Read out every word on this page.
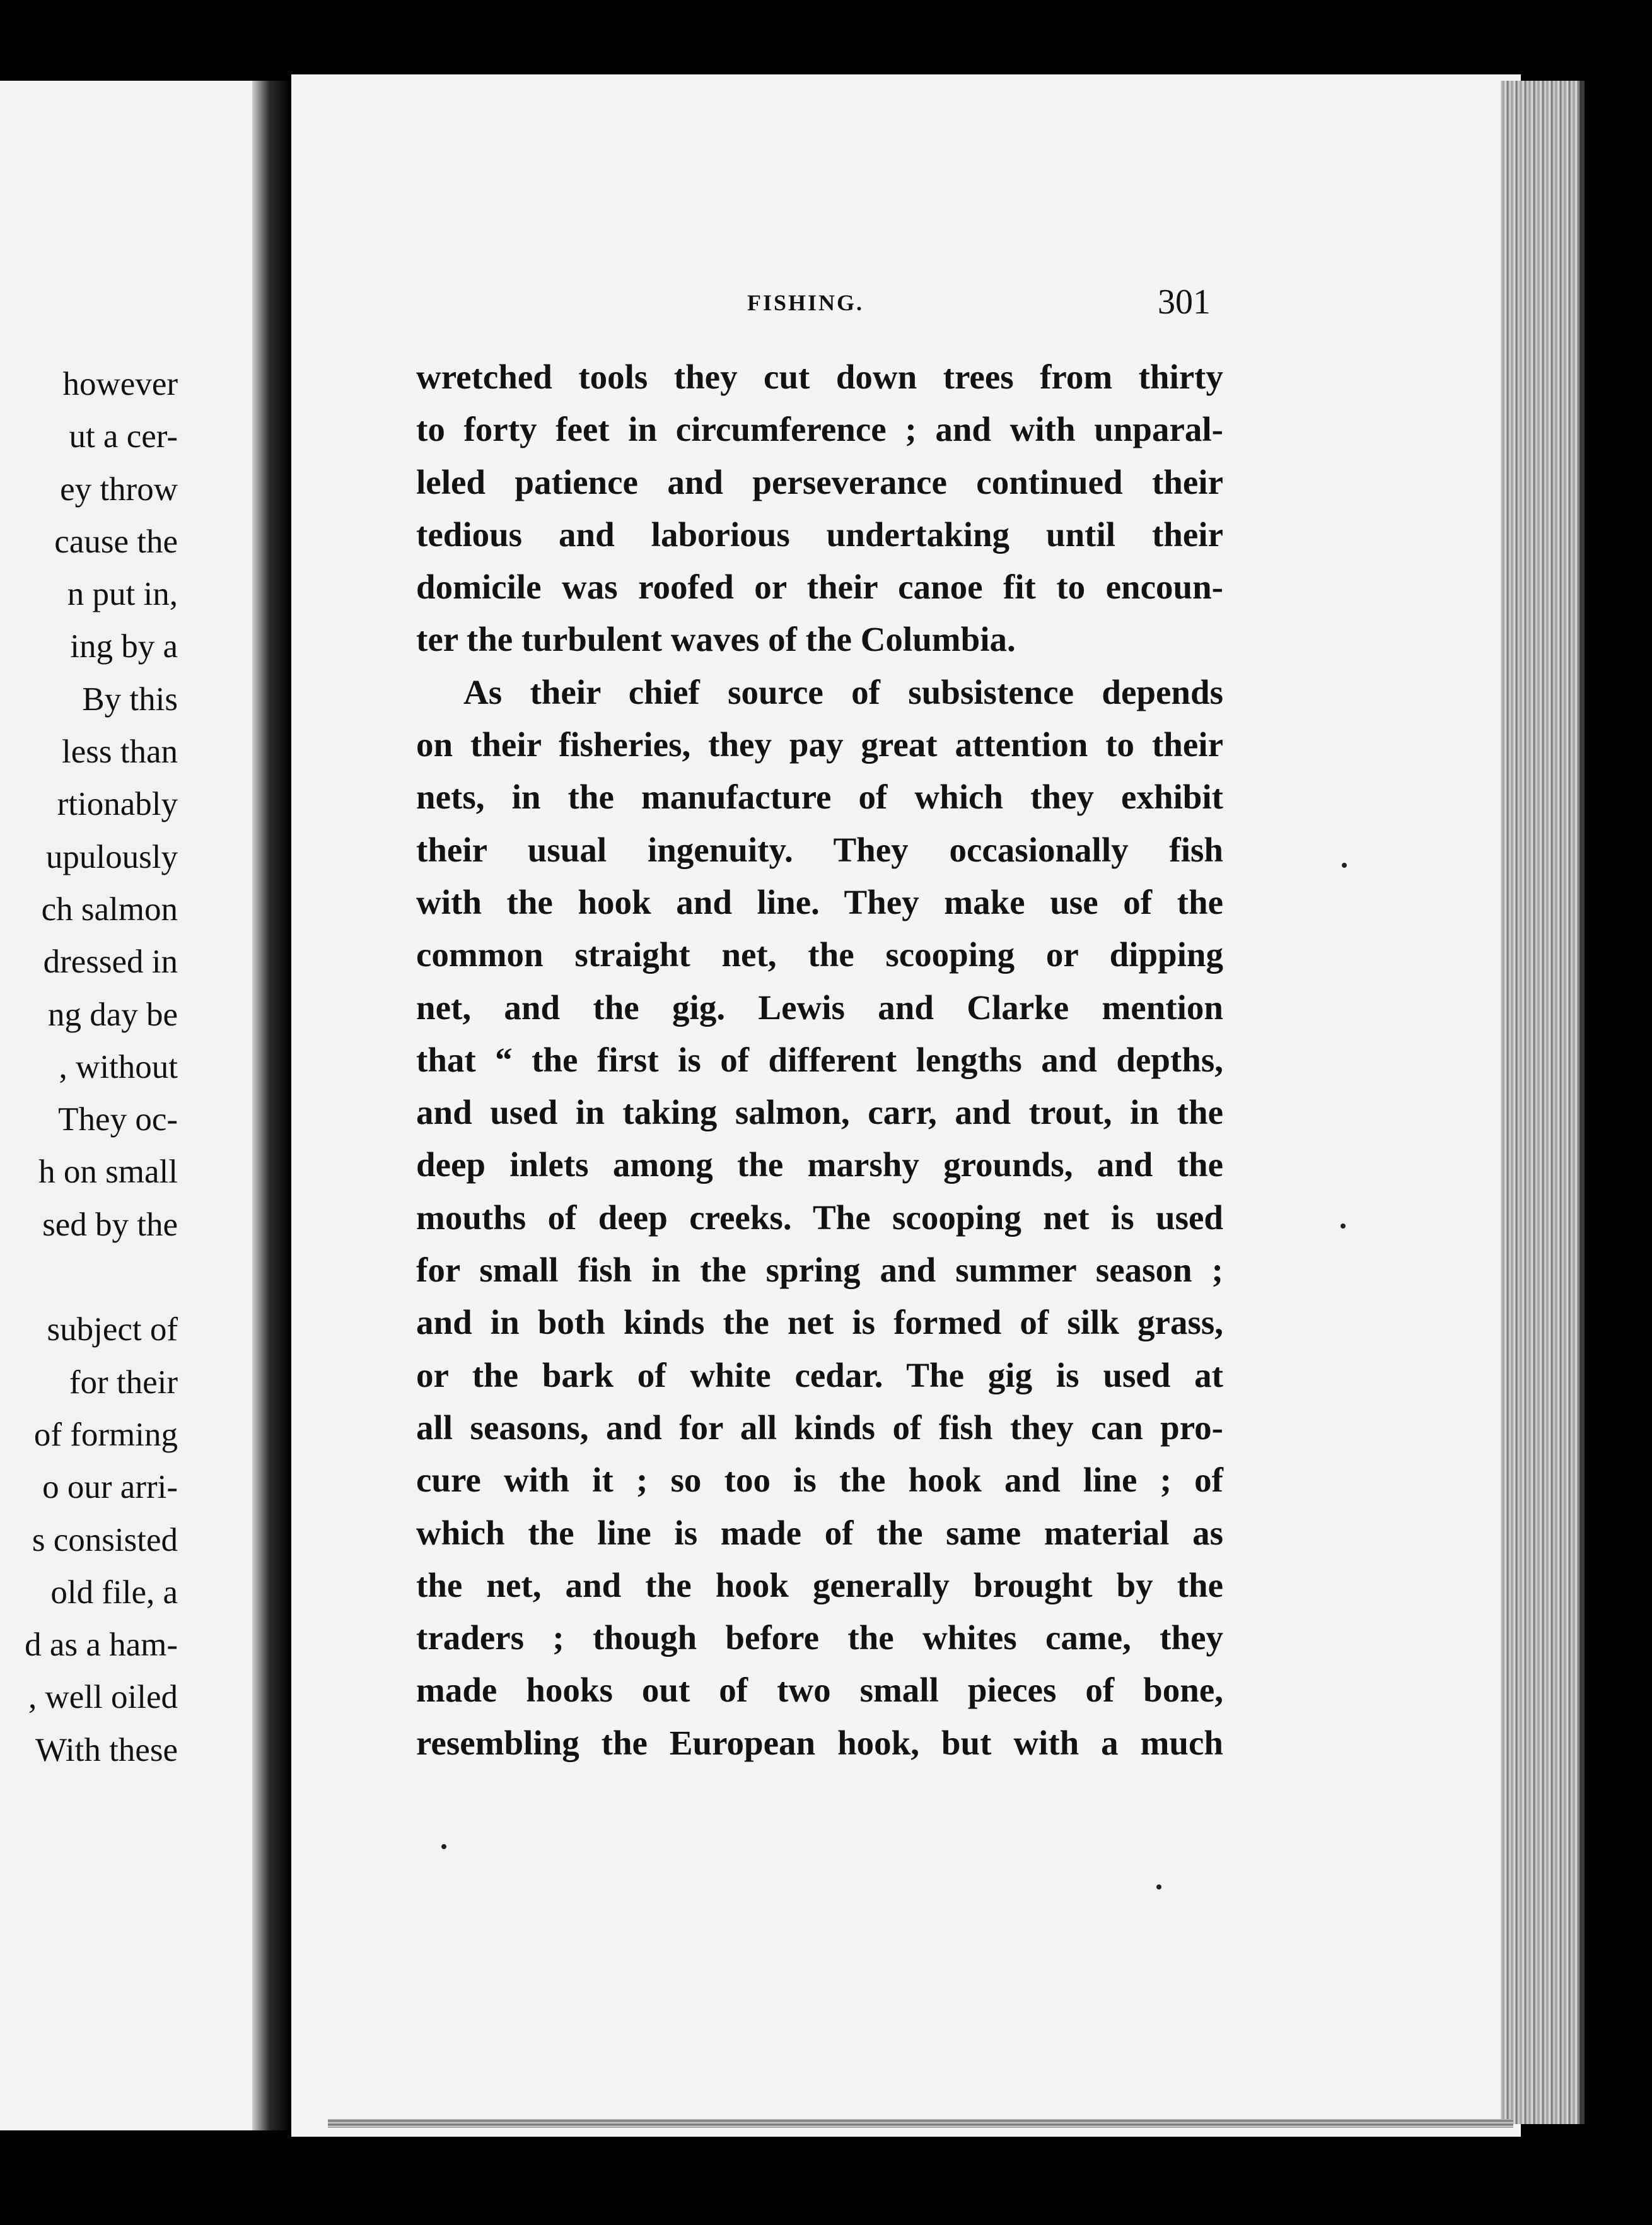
however
ut a cer-
ey throw
cause the
n put in,
ing by a
By this
less than
rtionably
upulously
ch salmon
dressed in
ng day be
, without
They oc-
h on small
sed by the

subject of
for their
of forming
o our arri-
s consisted
old file, a
d as a ham-
, well oiled
With these
FISHING.	301
wretched tools they cut down trees from thirty
to forty feet in circumference ; and with unparal-
leled patience and perseverance continued their
tedious and laborious undertaking until their
domicile was roofed or their canoe fit to encoun-
ter the turbulent waves of the Columbia.
As their chief source of subsistence depends
on their fisheries, they pay great attention to their
nets, in the manufacture of which they exhibit
their usual ingenuity. They occasionally fish
with the hook and line. They make use of the
common straight net, the scooping or dipping
net, and the gig. Lewis and Clarke mention
that “ the first is of different lengths and depths,
and used in taking salmon, carr, and trout, in the
deep inlets among the marshy grounds, and the
mouths of deep creeks. The scooping net is used
for small fish in the spring and summer season ;
and in both kinds the net is formed of silk grass,
or the bark of white cedar. The gig is used at
all seasons, and for all kinds of fish they can pro-
cure with it ; so too is the hook and line ; of
which the line is made of the same material as
the net, and the hook generally brought by the
traders ; though before the whites came, they
made hooks out of two small pieces of bone,
resembling the European hook, but with a much
